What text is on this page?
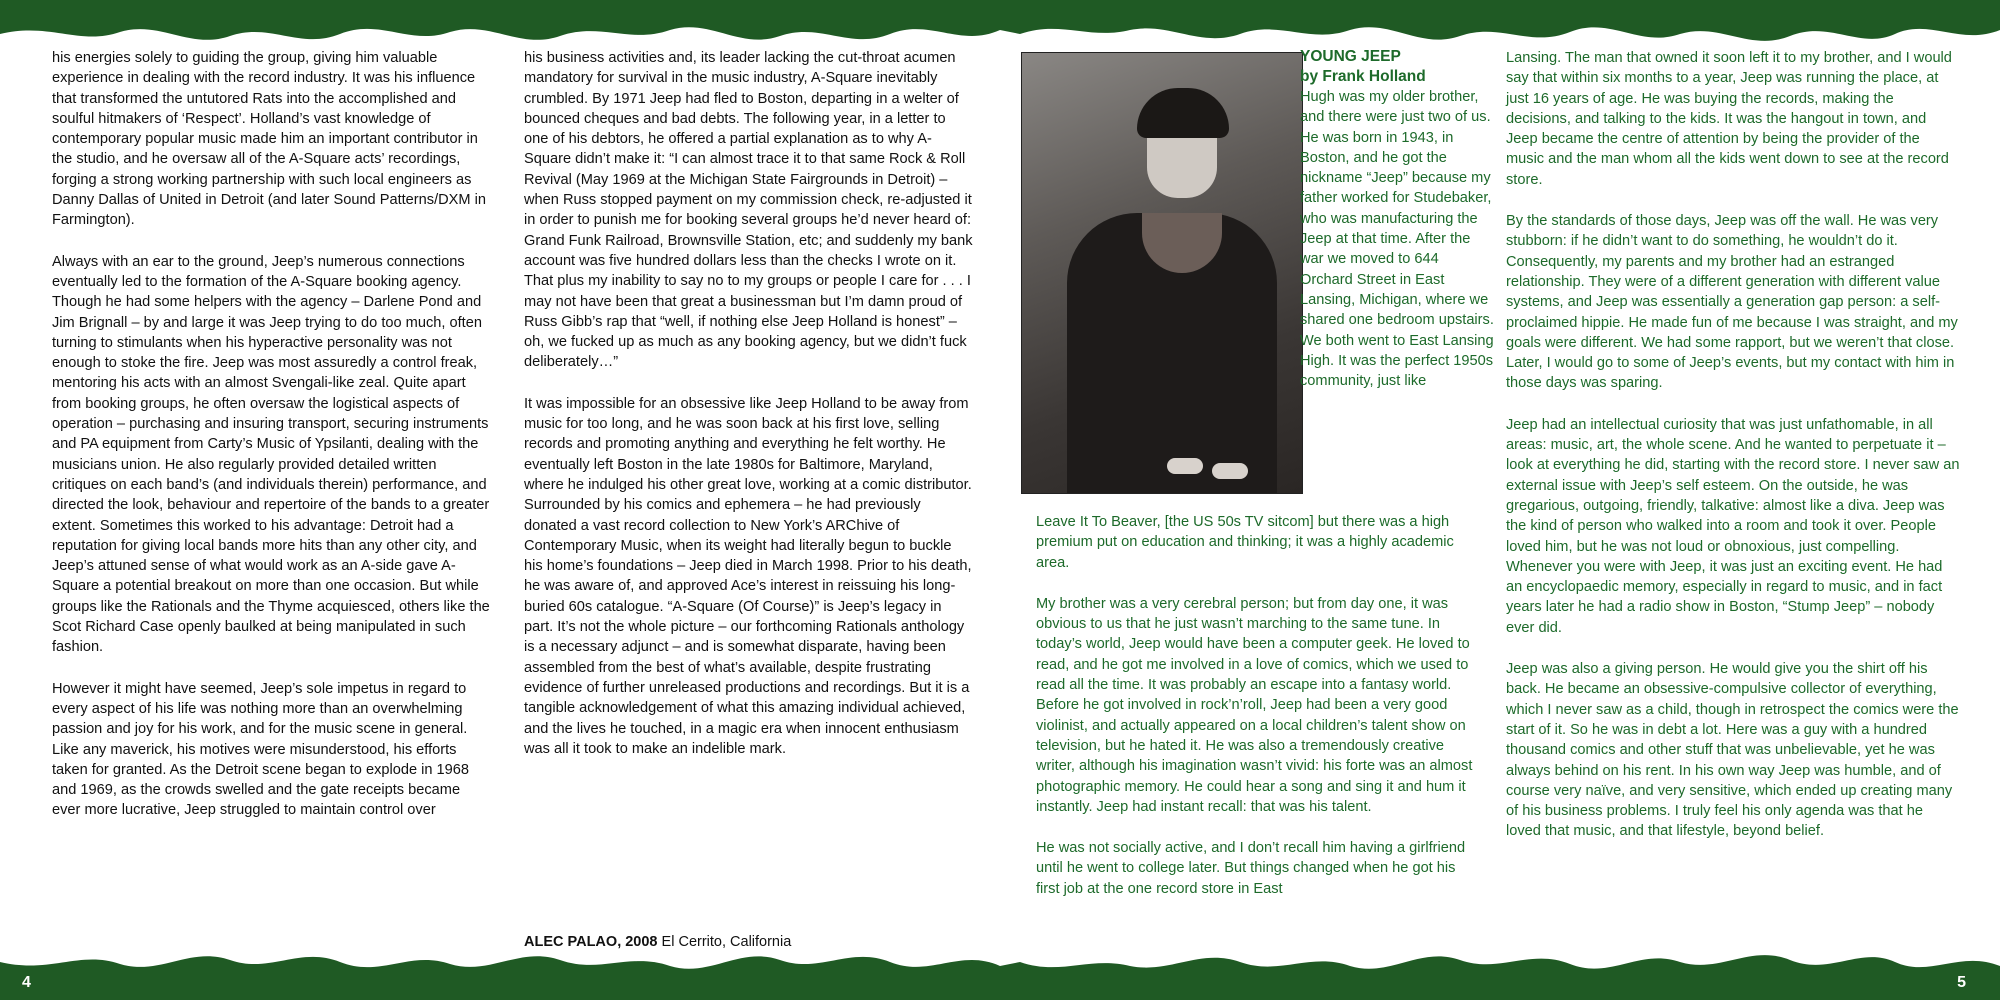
his energies solely to guiding the group, giving him valuable experience in dealing with the record industry. It was his influence that transformed the untutored Rats into the accomplished and soulful hitmakers of ‘Respect’. Holland’s vast knowledge of contemporary popular music made him an important contributor in the studio, and he oversaw all of the A-Square acts’ recordings, forging a strong working partnership with such local engineers as Danny Dallas of United in Detroit (and later Sound Patterns/DXM in Farmington).

Always with an ear to the ground, Jeep’s numerous connections eventually led to the formation of the A-Square booking agency. Though he had some helpers with the agency – Darlene Pond and Jim Brignall – by and large it was Jeep trying to do too much, often turning to stimulants when his hyperactive personality was not enough to stoke the fire. Jeep was most assuredly a control freak, mentoring his acts with an almost Svengali-like zeal. Quite apart from booking groups, he often oversaw the logistical aspects of operation – purchasing and insuring transport, securing instruments and PA equipment from Carty’s Music of Ypsilanti, dealing with the musicians union. He also regularly provided detailed written critiques on each band’s (and individuals therein) performance, and directed the look, behaviour and repertoire of the bands to a greater extent. Sometimes this worked to his advantage: Detroit had a reputation for giving local bands more hits than any other city, and Jeep’s attuned sense of what would work as an A-side gave A-Square a potential breakout on more than one occasion. But while groups like the Rationals and the Thyme acquiesced, others like the Scot Richard Case openly baulked at being manipulated in such fashion.

However it might have seemed, Jeep’s sole impetus in regard to every aspect of his life was nothing more than an overwhelming passion and joy for his work, and for the music scene in general. Like any maverick, his motives were misunderstood, his efforts taken for granted. As the Detroit scene began to explode in 1968 and 1969, as the crowds swelled and the gate receipts became ever more lucrative, Jeep struggled to maintain control over

his business activities and, its leader lacking the cut-throat acumen mandatory for survival in the music industry, A-Square inevitably crumbled. By 1971 Jeep had fled to Boston, departing in a welter of bounced cheques and bad debts. The following year, in a letter to one of his debtors, he offered a partial explanation as to why A-Square didn’t make it: “I can almost trace it to that same Rock & Roll Revival (May 1969 at the Michigan State Fairgrounds in Detroit) – when Russ stopped payment on my commission check, re-adjusted it in order to punish me for booking several groups he’d never heard of: Grand Funk Railroad, Brownsville Station, etc; and suddenly my bank account was five hundred dollars less than the checks I wrote on it. That plus my inability to say no to my groups or people I care for . . . I may not have been that great a businessman but I’m damn proud of Russ Gibb’s rap that “well, if nothing else Jeep Holland is honest” – oh, we fucked up as much as any booking agency, but we didn’t fuck deliberately…”

It was impossible for an obsessive like Jeep Holland to be away from music for too long, and he was soon back at his first love, selling records and promoting anything and everything he felt worthy. He eventually left Boston in the late 1980s for Baltimore, Maryland, where he indulged his other great love, working at a comic distributor. Surrounded by his comics and ephemera – he had previously donated a vast record collection to New York’s ARChive of Contemporary Music, when its weight had literally begun to buckle his home’s foundations – Jeep died in March 1998. Prior to his death, he was aware of, and approved Ace’s interest in reissuing his long-buried 60s catalogue. “A-Square (Of Course)” is Jeep’s legacy in part. It’s not the whole picture – our forthcoming Rationals anthology is a necessary adjunct – and is somewhat disparate, having been assembled from the best of what’s available, despite frustrating evidence of further unreleased productions and recordings. But it is a tangible acknowledgement of what this amazing individual achieved, and the lives he touched, in a magic era when innocent enthusiasm was all it took to make an indelible mark.

ALEC PALAO, 2008 El Cerrito, California

YOUNG JEEP

by Frank Holland

Hugh was my older brother, and there were just two of us. He was born in 1943, in Boston, and he got the nickname “Jeep” because my father worked for Studebaker, who was manufacturing the Jeep at that time. After the war we moved to 644 Orchard Street in East Lansing, Michigan, where we shared one bedroom upstairs. We both went to East Lansing High. It was the perfect 1950s community, just like

Leave It To Beaver, [the US 50s TV sitcom] but there was a high premium put on education and thinking; it was a highly academic area.

My brother was a very cerebral person; but from day one, it was obvious to us that he just wasn’t marching to the same tune. In today’s world, Jeep would have been a computer geek. He loved to read, and he got me involved in a love of comics, which we used to read all the time. It was probably an escape into a fantasy world. Before he got involved in rock’n’roll, Jeep had been a very good violinist, and actually appeared on a local children’s talent show on television, but he hated it. He was also a tremendously creative writer, although his imagination wasn’t vivid: his forte was an almost photographic memory. He could hear a song and sing it and hum it instantly. Jeep had instant recall: that was his talent.

He was not socially active, and I don’t recall him having a girlfriend until he went to college later. But things changed when he got his first job at the one record store in East

Lansing. The man that owned it soon left it to my brother, and I would say that within six months to a year, Jeep was running the place, at just 16 years of age. He was buying the records, making the decisions, and talking to the kids. It was the hangout in town, and Jeep became the centre of attention by being the provider of the music and the man whom all the kids went down to see at the record store.

By the standards of those days, Jeep was off the wall. He was very stubborn: if he didn’t want to do something, he wouldn’t do it. Consequently, my parents and my brother had an estranged relationship. They were of a different generation with different value systems, and Jeep was essentially a generation gap person: a self-proclaimed hippie. He made fun of me because I was straight, and my goals were different. We had some rapport, but we weren’t that close. Later, I would go to some of Jeep’s events, but my contact with him in those days was sparing.

Jeep had an intellectual curiosity that was just unfathomable, in all areas: music, art, the whole scene. And he wanted to perpetuate it – look at everything he did, starting with the record store. I never saw an external issue with Jeep’s self esteem. On the outside, he was gregarious, outgoing, friendly, talkative: almost like a diva. Jeep was the kind of person who walked into a room and took it over. People loved him, but he was not loud or obnoxious, just compelling. Whenever you were with Jeep, it was just an exciting event. He had an encyclopaedic memory, especially in regard to music, and in fact years later he had a radio show in Boston, “Stump Jeep” – nobody ever did.

Jeep was also a giving person. He would give you the shirt off his back. He became an obsessive-compulsive collector of everything, which I never saw as a child, though in retrospect the comics were the start of it. So he was in debt a lot. Here was a guy with a hundred thousand comics and other stuff that was unbelievable, yet he was always behind on his rent. In his own way Jeep was humble, and of course very naïve, and very sensitive, which ended up creating many of his business problems. I truly feel his only agenda was that he loved that music, and that lifestyle, beyond belief.

4	5
